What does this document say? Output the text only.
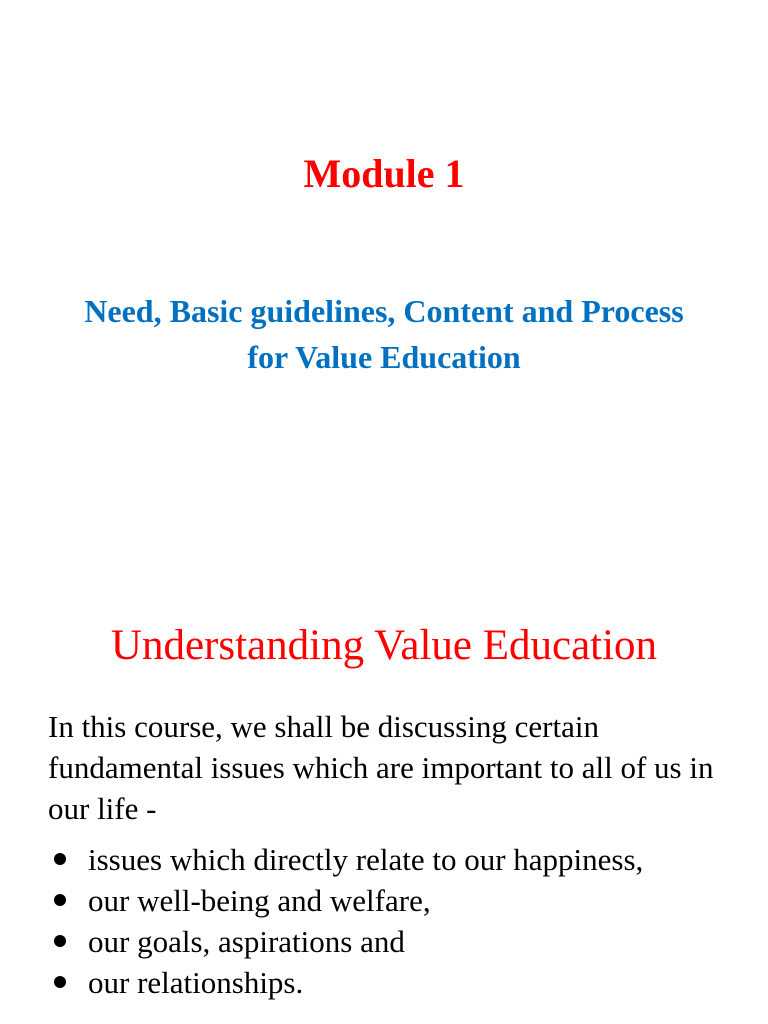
Module 1
Need, Basic guidelines, Content and Process for Value Education
Understanding Value Education
In this course, we shall be discussing certain fundamental issues which are important to all of us in our life -
issues which directly relate to our happiness,
our well-being and welfare,
our goals, aspirations and
our relationships.
